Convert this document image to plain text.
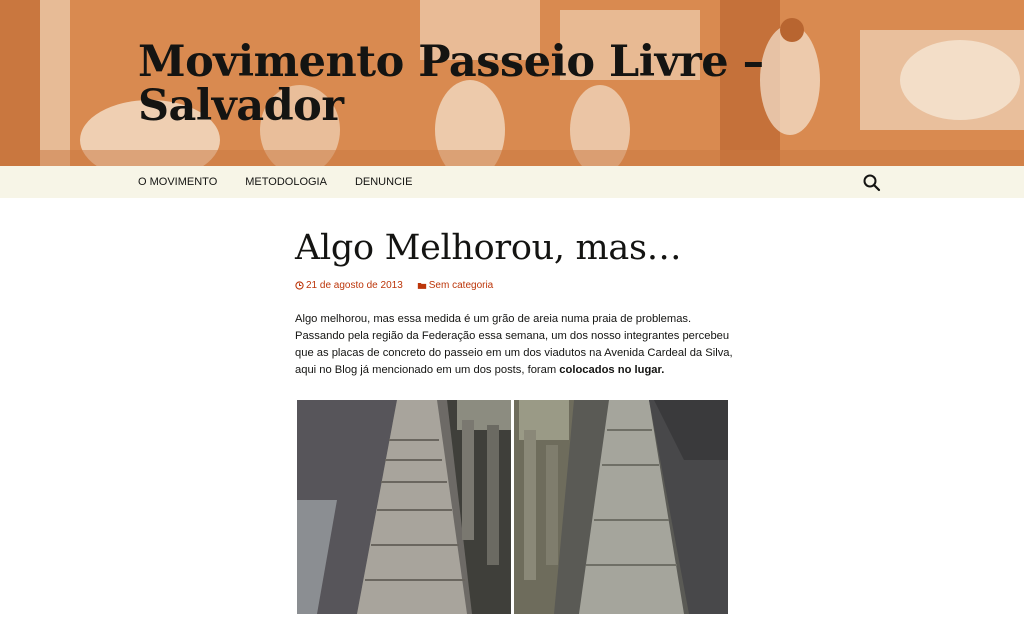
Movimento Passeio Livre – Salvador
O MOVIMENTO	METODOLOGIA	DENUNCIE
Algo Melhorou, mas…
21 de agosto de 2013	Sem categoria

Algo melhorou, mas essa medida é um grão de areia numa praia de problemas. Passando pela região da Federação essa semana, um dos nosso integrantes percebeu que as placas de concreto do passeio em um dos viadutos na Avenida Cardeal da Silva, aqui no Blog já mencionado em um dos posts, foram colocados no lugar.
